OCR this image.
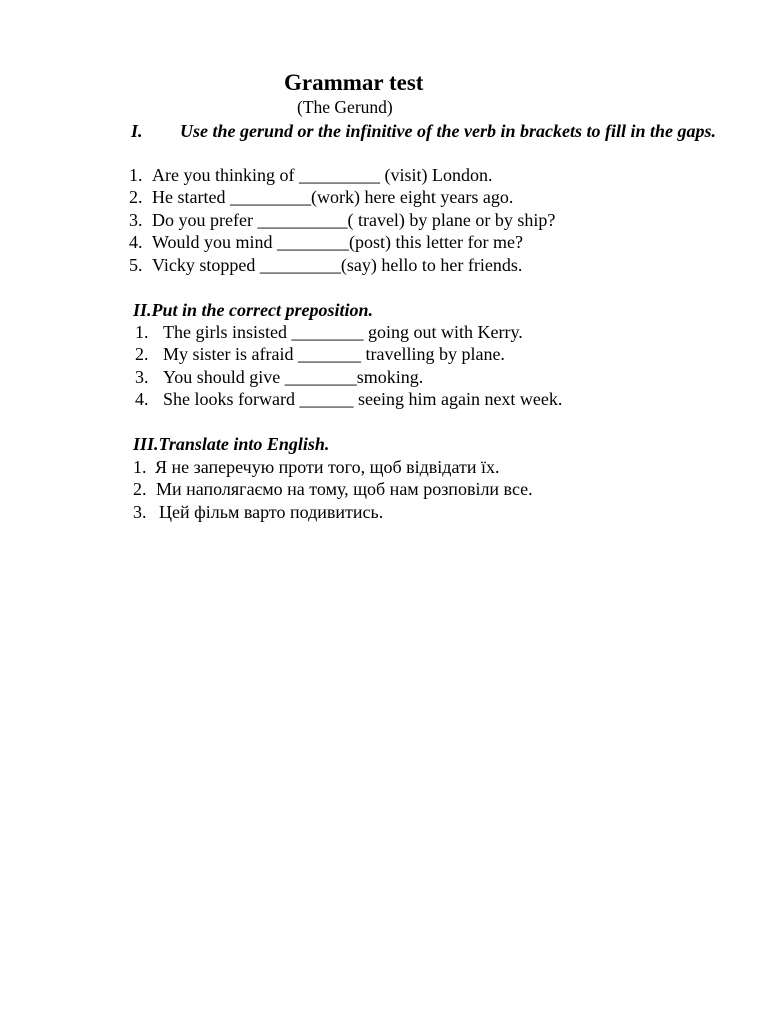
Grammar test
(The Gerund)
I. Use the gerund or the infinitive of the verb in brackets to fill in the gaps.
1. Are you thinking of _________ (visit) London.
2. He started _________(work) here eight years ago.
3. Do you prefer __________( travel) by plane or by ship?
4. Would you mind ________(post) this letter for me?
5. Vicky stopped _________(say) hello to her friends.
II.Put in the correct preposition.
1. The girls insisted ________ going out with Kerry.
2. My sister is afraid _______ travelling by plane.
3. You should give ________smoking.
4. She looks forward ______ seeing him again next week.
III.Translate into English.
1. Я не заперечую проти того, щоб відвідати їх.
2. Ми наполягаємо на тому, щоб нам розповіли все.
3. Цей фільм варто подивитись.
